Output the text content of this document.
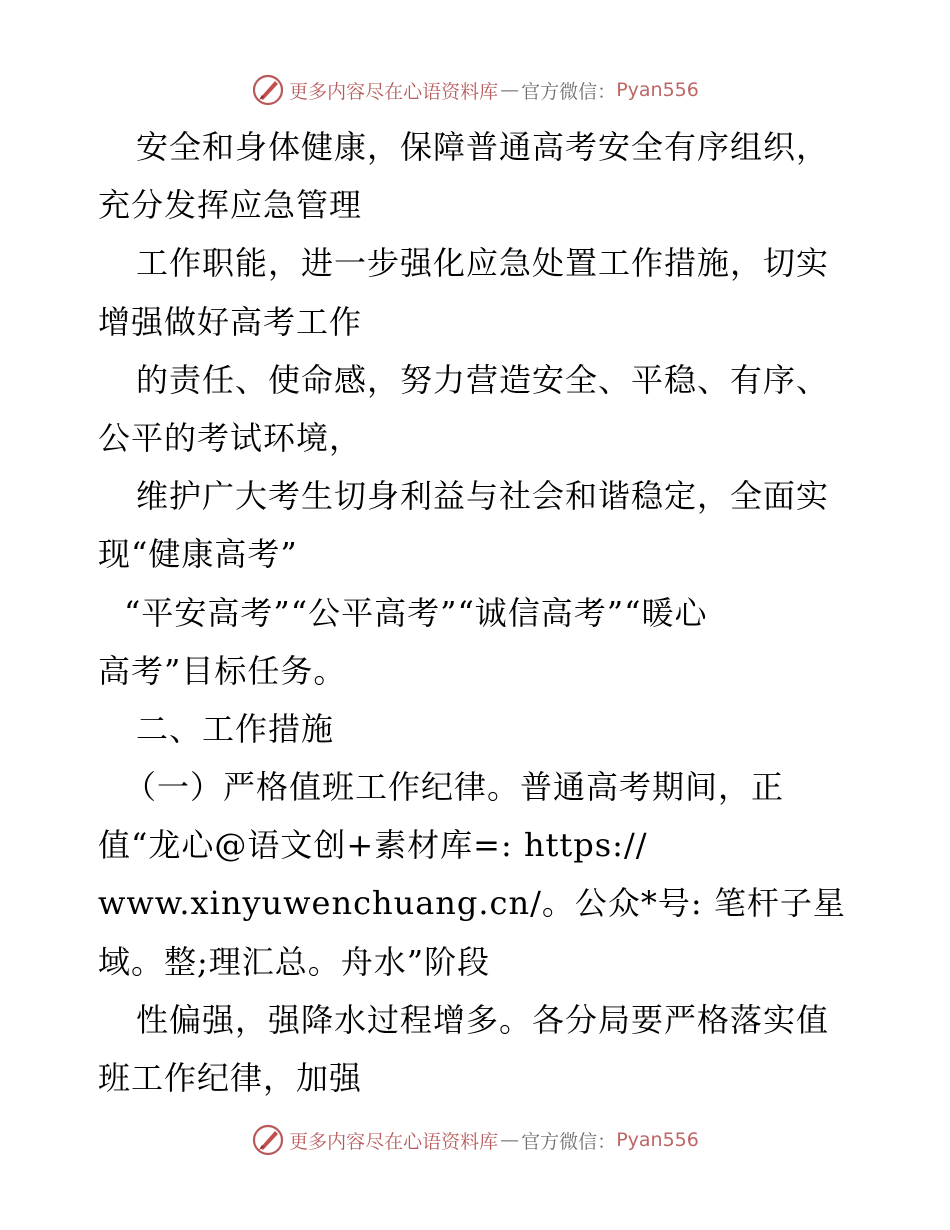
更多内容尽在心语资料库 — 官方微信： Pyan556
安全和身体健康，保障普通高考安全有序组织，
充分发挥应急管理
工作职能，进一步强化应急处置工作措施，切实
增强做好高考工作
的责任、使命感，努力营造安全、平稳、有序、
公平的考试环境，
维护广大考生切身利益与社会和谐稳定，全面实
现“健康高考”
“平安高考”“公平高考”“诚信高考”“暖心
高考”目标任务。
二、工作措施
（一）严格值班工作纪律。普通高考期间，正
值“龙心@语文创+素材库=: https://
www.xinyuwenchuang.cn/。公众*号: 笔杆子星
域。整;理汇总。舟水”阶段
性偏强，强降水过程增多。各分局要严格落实值
班工作纪律，加强
更多内容尽在心语资料库 — 官方微信： Pyan556
